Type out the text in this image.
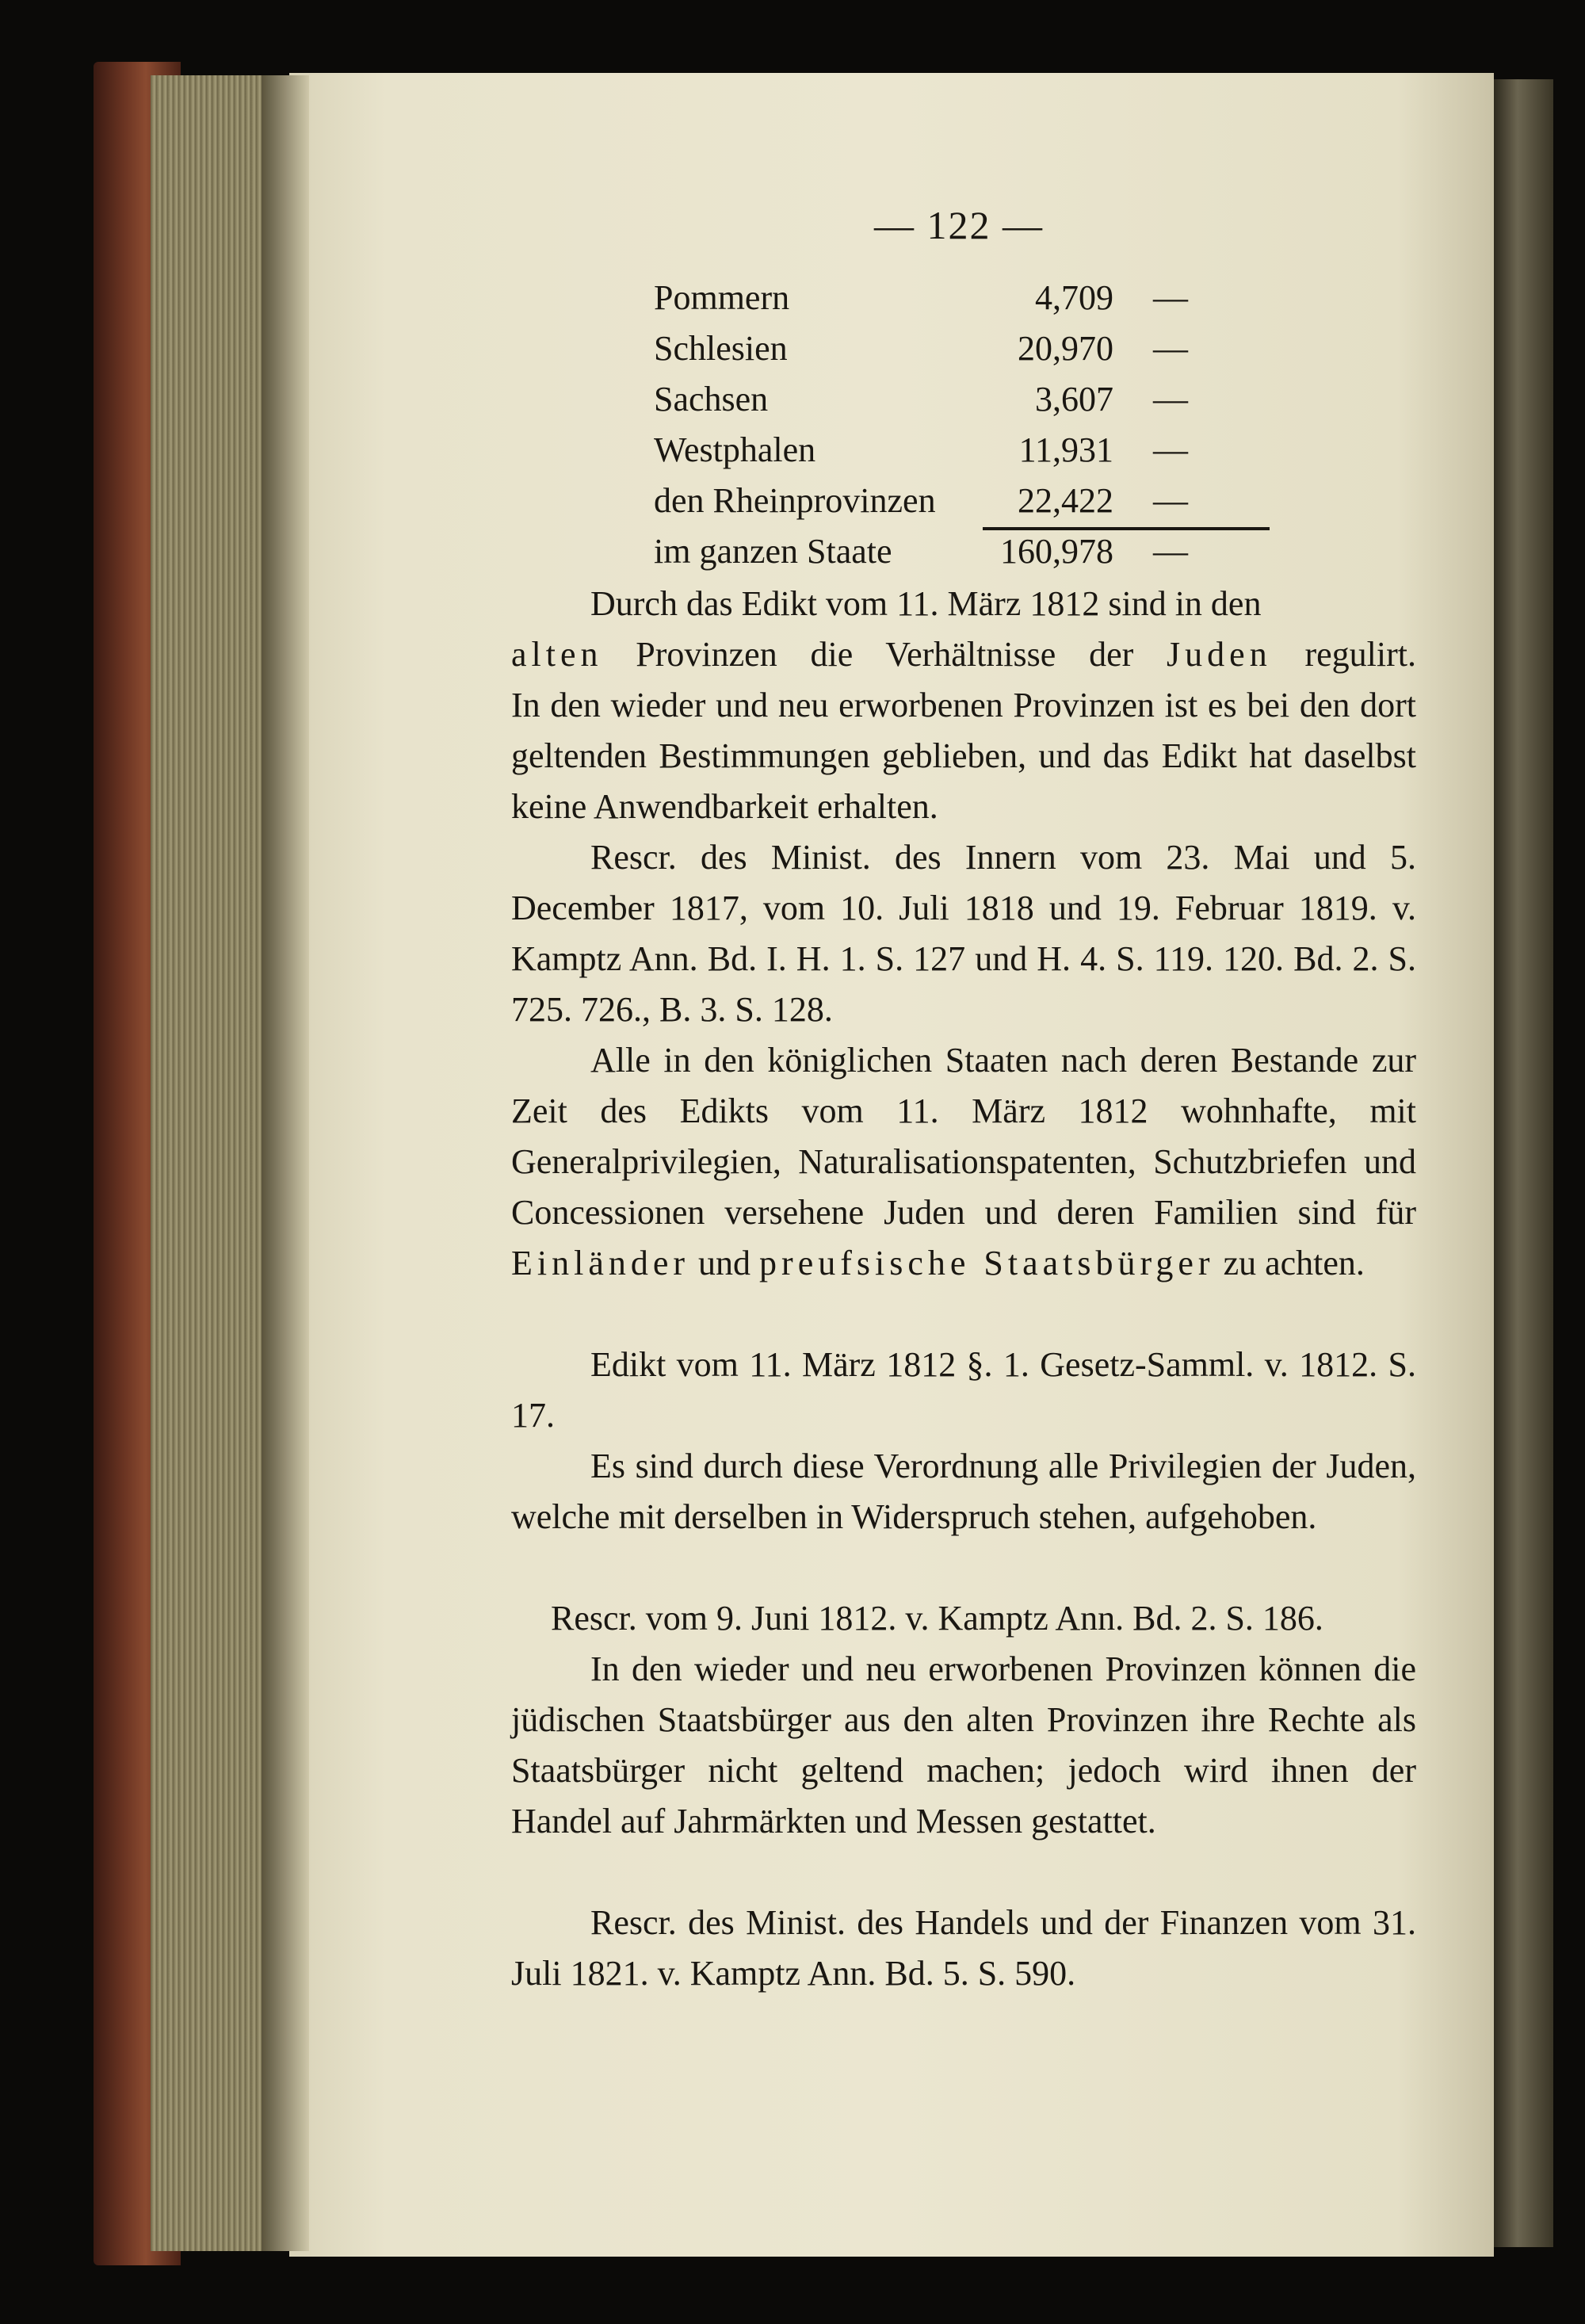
— 122 —
Pommern	4,709 —
Schlesien	20,970 —
Sachsen	3,607 —
Westphalen	11,931 —
den Rheinprovinzen 22,422 —
im ganzen Staate	160,978 —
Durch das Edikt vom 11. März 1812 sind in den
alten Provinzen die Verhältnisse der Juden regulirt.
In den wieder und neu erworbenen Provinzen ist es bei den dort geltenden Bestimmungen geblieben, und das Edikt hat daselbst keine Anwendbarkeit erhalten.
Rescr. des Minist. des Innern vom 23. Mai und 5. December 1817, vom 10. Juli 1818 und 19. Februar 1819. v. Kamptz Ann. Bd. I. H. 1. S. 127 und H. 4. S. 119. 120. Bd. 2. S. 725. 726., B. 3. S. 128.
Alle in den königlichen Staaten nach deren Bestande zur Zeit des Edikts vom 11. März 1812 wohnhafte, mit Generalprivilegien, Naturalisationspatenten, Schutzbriefen und Concessionen versehene Juden und deren Familien sind für Einländer und preufsische Staatsbürger zu achten.
Edikt vom 11. März 1812 §. 1. Gesetz-Samml. v. 1812. S. 17.
Es sind durch diese Verordnung alle Privilegien der Juden, welche mit derselben in Widerspruch stehen, aufgehoben.
Rescr. vom 9. Juni 1812. v. Kamptz Ann. Bd. 2. S. 186.
In den wieder und neu erworbenen Provinzen können die jüdischen Staatsbürger aus den alten Provinzen ihre Rechte als Staatsbürger nicht geltend machen; jedoch wird ihnen der Handel auf Jahrmärkten und Messen gestattet.
Rescr. des Minist. des Handels und der Finanzen vom 31. Juli 1821. v. Kamptz Ann. Bd. 5. S. 590.
